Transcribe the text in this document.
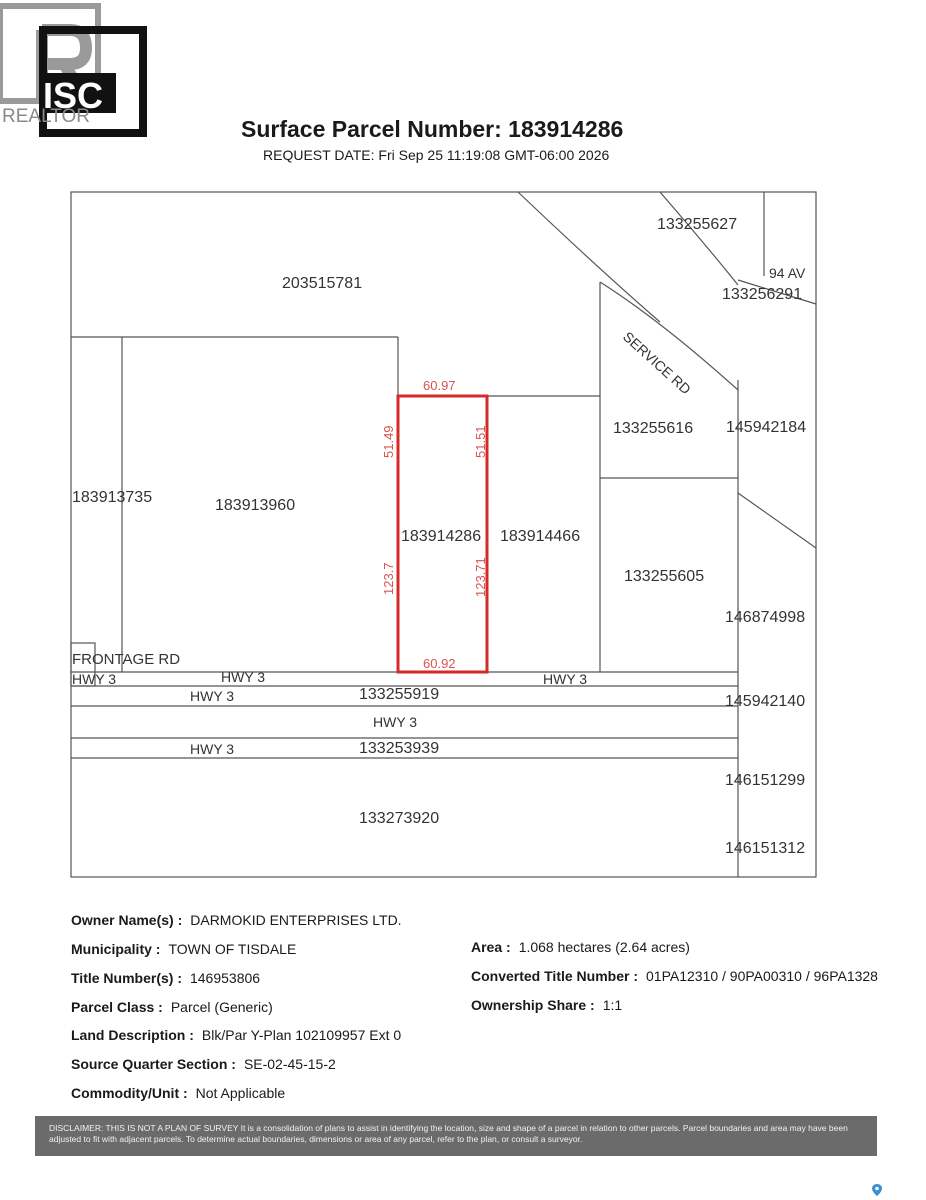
ISC
REALTOR	Surface Parcel Number: 183914286
REQUEST DATE: Fri Sep 25 11:19:08 GMT-06:00 2026
203515781
133255627
94 AV
133256291
SERVICE RD
133255616 145942184
183913735	183913960
183914286 183914466
133255605
146874998
FRONTAGE RD
HWY 3	HWY 3	HWY 3
HWY 3	133255919	145942140
HWY 3
HWY 3	133253939
146151299
133273920
146151312
60.97
60.92
51.49	51.51
123.7	123.71
Owner Name(s) : DARMOKID ENTERPRISES LTD.
Municipality : TOWN OF TISDALE
Title Number(s) : 146953806
Parcel Class : Parcel (Generic)
Land Description : Blk/Par Y-Plan 102109957 Ext 0
Source Quarter Section : SE-02-45-15-2
Commodity/Unit : Not Applicable
Area : 1.068 hectares (2.64 acres)
Converted Title Number : 01PA12310 / 90PA00310 / 96PA1328
Ownership Share : 1:1
DISCLAIMER: THIS IS NOT A PLAN OF SURVEY It is a consolidation of plans to assist in identifying the location, size and shape of a parcel in relation to other parcels. Parcel boundaries and area may have been adjusted to fit with adjacent parcels. To determine actual boundaries, dimensions or area of any parcel, refer to the plan, or consult a surveyor.
